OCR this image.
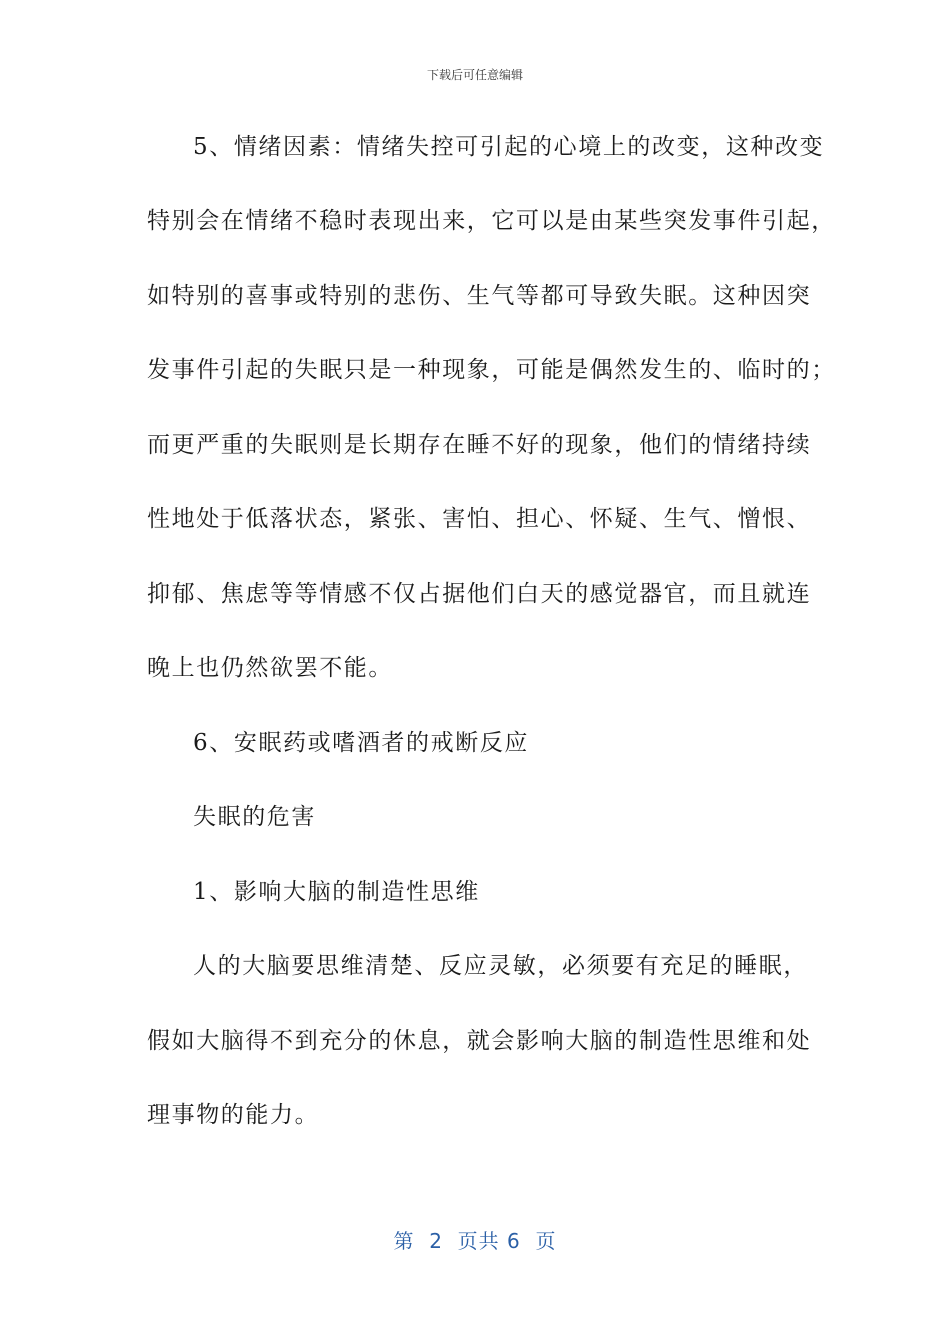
下载后可任意编辑
5、情绪因素：情绪失控可引起的心境上的改变，这种改变
特别会在情绪不稳时表现出来，它可以是由某些突发事件引起，
如特别的喜事或特别的悲伤、生气等都可导致失眠。这种因突
发事件引起的失眠只是一种现象，可能是偶然发生的、临时的；
而更严重的失眠则是长期存在睡不好的现象，他们的情绪持续
性地处于低落状态，紧张、害怕、担心、怀疑、生气、憎恨、
抑郁、焦虑等等情感不仅占据他们白天的感觉器官，而且就连
晚上也仍然欲罢不能。
6、安眠药或嗜酒者的戒断反应
失眠的危害
1、影响大脑的制造性思维
人的大脑要思维清楚、反应灵敏，必须要有充足的睡眠，
假如大脑得不到充分的休息，就会影响大脑的制造性思维和处
理事物的能力。
第  2  页共 6  页
